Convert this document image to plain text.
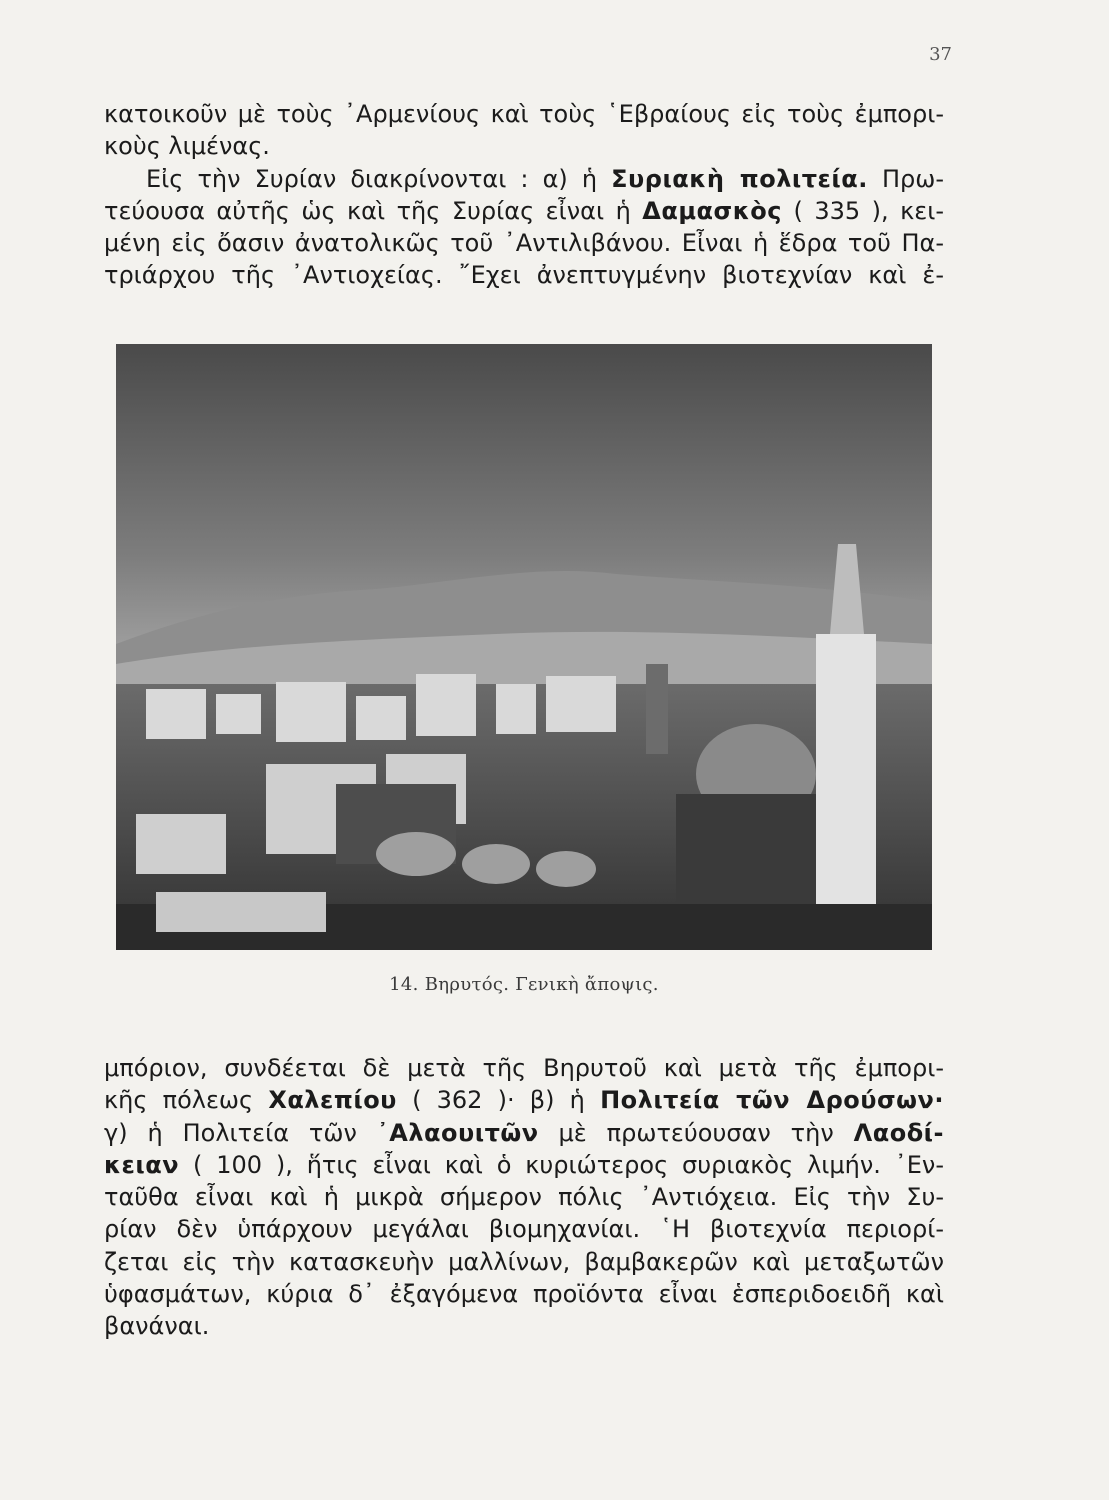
37

κατοικοῦν μὲ τοὺς ᾿Αρμενίους καὶ τοὺς ῾Εβραίους εἰς τοὺς ἐμπορι-
κοὺς λιμένας.
Εἰς τὴν Συρίαν διακρίνονται : α) ἡ Συριακὴ πολιτεία. Πρω-
τεύουσα αὐτῆς ὡς καὶ τῆς Συρίας εἶναι ἡ Δαμασκὸς ( 335 ), κει-
μένη εἰς ὄασιν ἀνατολικῶς τοῦ ᾿Αντιλιβάνου. Εἶναι ἡ ἕδρα τοῦ Πα-
τριάρχου τῆς ᾿Αντιοχείας. ῎Εχει ἀνεπτυγμένην βιοτεχνίαν καὶ ἐ-

14. Βηρυτός. Γενικὴ ἄποψις.

μπόριον, συνδέεται δὲ μετὰ τῆς Βηρυτοῦ καὶ μετὰ τῆς ἐμπορι-
κῆς πόλεως Χαλεπίου ( 362 )· β) ἡ Πολιτεία τῶν Δρούσων·
γ) ἡ Πολιτεία τῶν ᾿Αλαουιτῶν μὲ πρωτεύουσαν τὴν Λαοδί-
κειαν ( 100 ), ἥτις εἶναι καὶ ὁ κυριώτερος συριακὸς λιμήν. ᾿Εν-
ταῦθα εἶναι καὶ ἡ μικρὰ σήμερον πόλις ᾿Αντιόχεια. Εἰς τὴν Συ-
ρίαν δὲν ὑπάρχουν μεγάλαι βιομηχανίαι. ῾Η βιοτεχνία περιορί-
ζεται εἰς τὴν κατασκευὴν μαλλίνων, βαμβακερῶν καὶ μεταξωτῶν
ὑφασμάτων, κύρια δ᾿ ἐξαγόμενα προϊόντα εἶναι ἑσπεριδοειδῆ καὶ
βανάναι.
